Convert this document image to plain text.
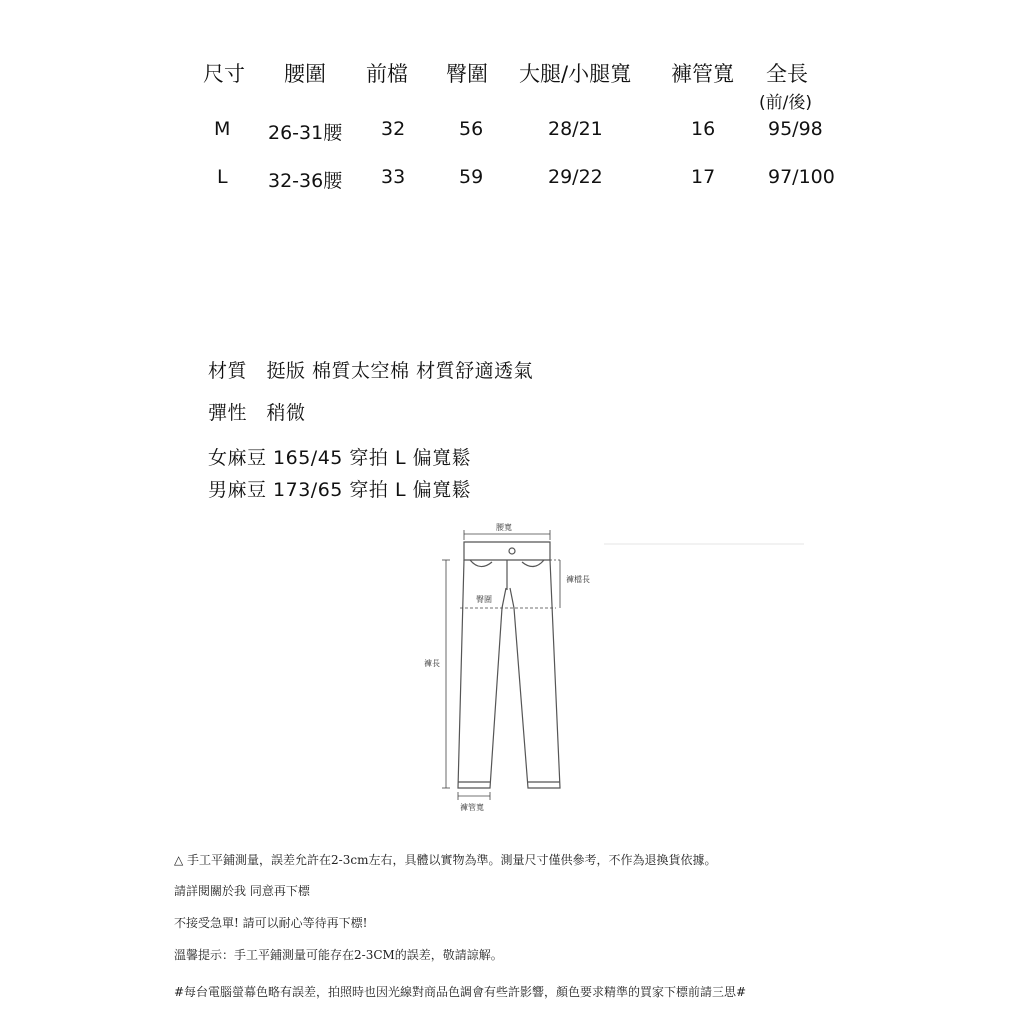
尺寸 腰圍 前檔 臀圍 大腿/小腿寬 褲管寬 全長
(前/後)
M 26-31腰 32	56	28/21	16	95/98
L 32-36腰 33	59	29/22	17	97/100
材質　挺版 棉質太空棉 材質舒適透氣
彈性　稍微
女麻豆 165/45 穿拍 L 偏寬鬆
男麻豆 173/65 穿拍 L 偏寬鬆
腰寬
褲檔長
臀圍
褲長
褲管寬
△ 手工平鋪測量，誤差允許在2-3cm左右，具體以實物為準。測量尺寸僅供參考，不作為退換貨依據。
請詳閱關於我 同意再下標
不接受急單! 請可以耐心等待再下標!
溫馨提示：手工平鋪測量可能存在2-3CM的誤差，敬請諒解。
#每台電腦螢幕色略有誤差，拍照時也因光線對商品色調會有些許影響，顏色要求精準的買家下標前請三思#
